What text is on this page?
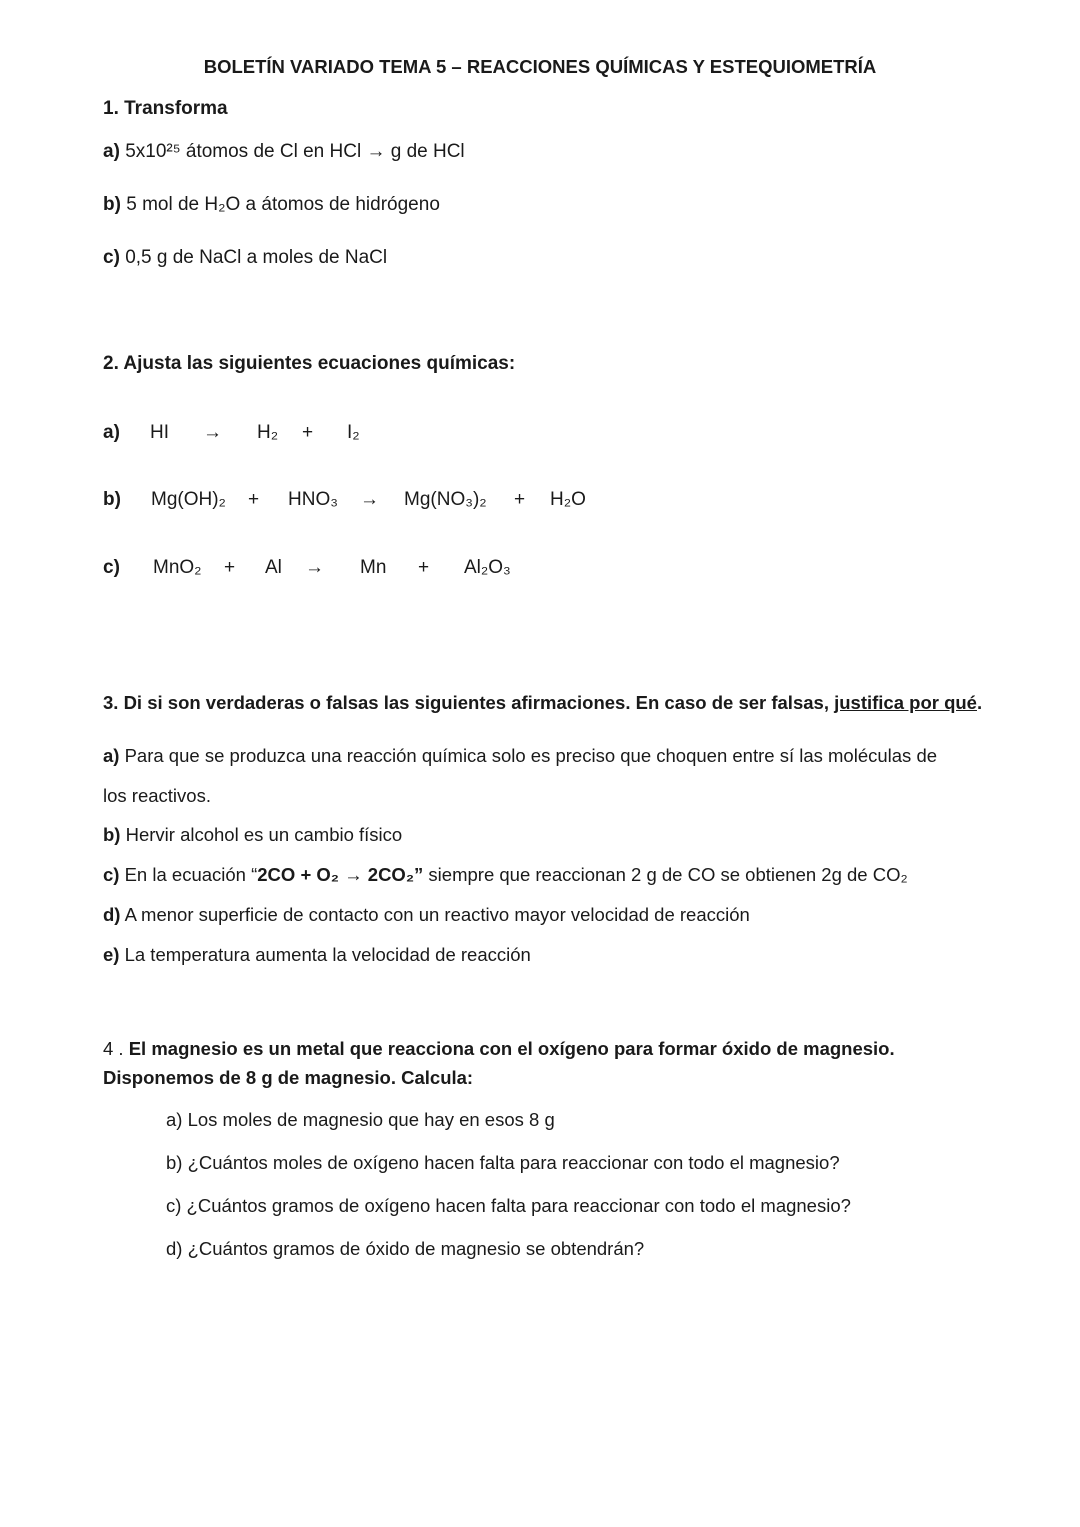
BOLETÍN VARIADO TEMA 5 – REACCIONES QUÍMICAS Y ESTEQUIOMETRÍA
1. Transforma
a) 5x10²⁵ átomos de Cl en HCl → g de HCl
b) 5 mol de H₂O a átomos de hidrógeno
c) 0,5 g de NaCl a moles de NaCl
2. Ajusta las siguientes ecuaciones químicas:
a) HI → H₂ + I₂
b) Mg(OH)₂ + HNO₃ → Mg(NO₃)₂ + H₂O
c) MnO₂ + Al → Mn + Al₂O₃
3. Di si son verdaderas o falsas las siguientes afirmaciones. En caso de ser falsas, justifica por qué.
a) Para que se produzca una reacción química solo es preciso que choquen entre sí las moléculas de
los reactivos.
b) Hervir alcohol es un cambio físico
c) En la ecuación “2CO + O₂ → 2CO₂” siempre que reaccionan 2 g de CO se obtienen 2g de CO₂
d) A menor superficie de contacto con un reactivo mayor velocidad de reacción
e) La temperatura aumenta la velocidad de reacción
4 . El magnesio es un metal que reacciona con el oxígeno para formar óxido de magnesio.
Disponemos de 8 g de magnesio. Calcula:
a) Los moles de magnesio que hay en esos 8 g
b) ¿Cuántos moles de oxígeno hacen falta para reaccionar con todo el magnesio?
c) ¿Cuántos gramos de oxígeno hacen falta para reaccionar con todo el magnesio?
d) ¿Cuántos gramos de óxido de magnesio se obtendrán?
